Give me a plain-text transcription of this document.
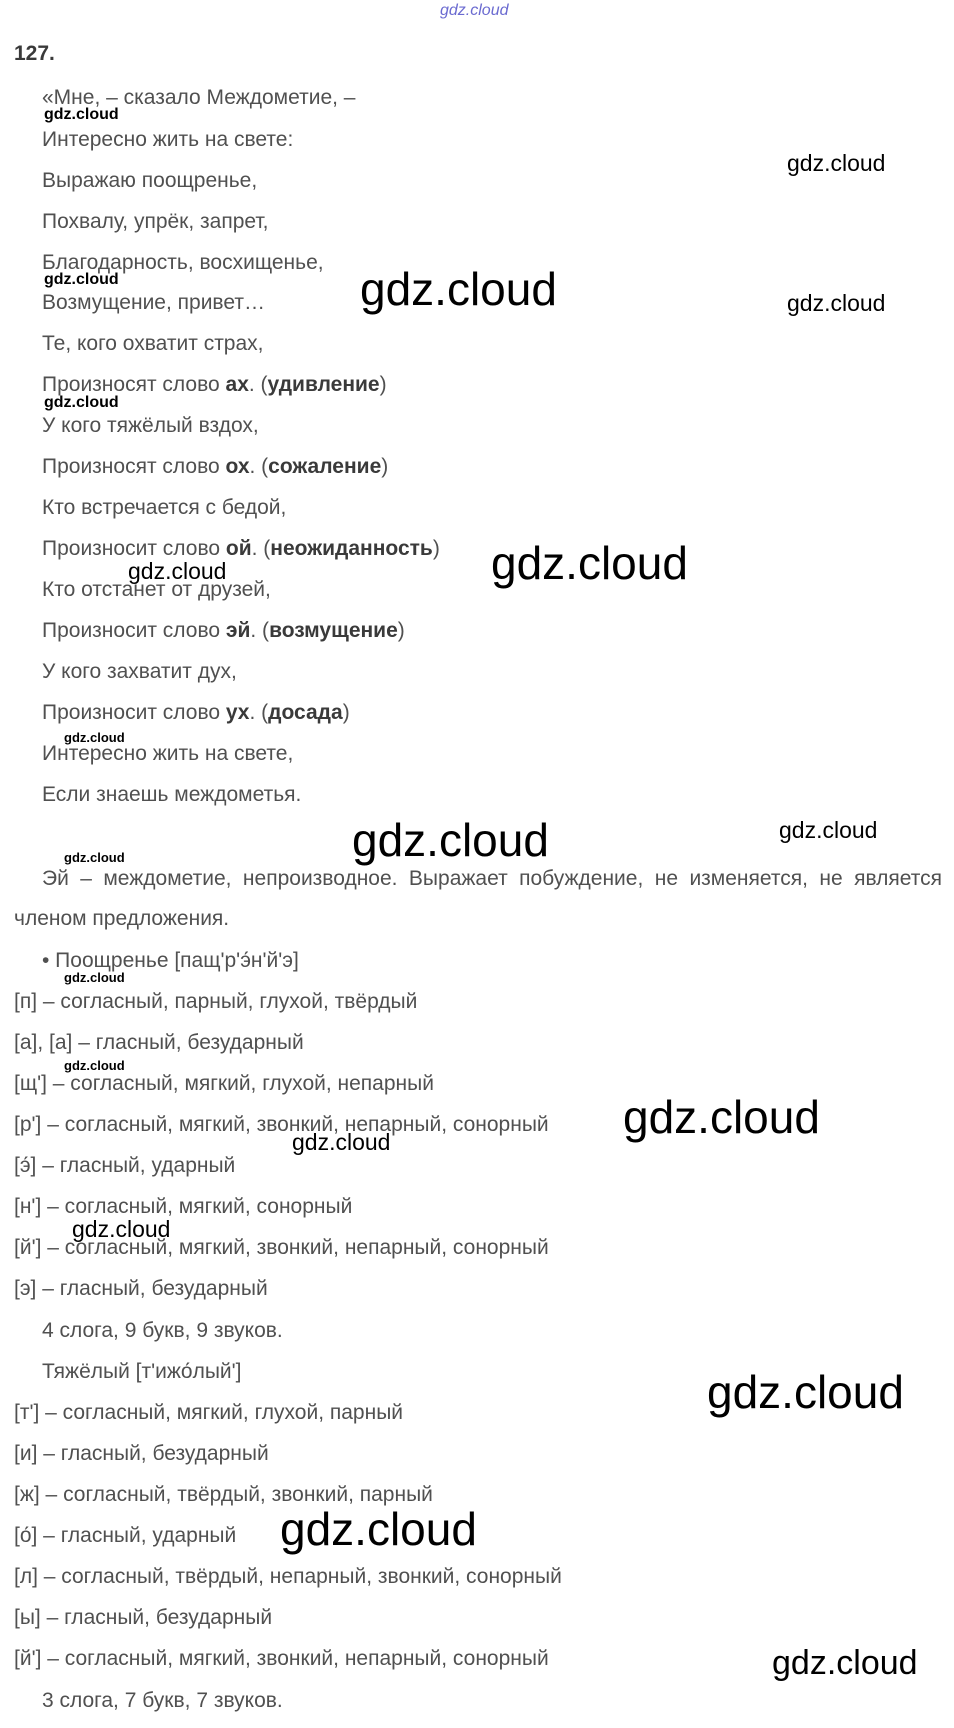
127.
«Мне, – сказало Междометие, –
Интересно жить на свете:
Выражаю поощренье,
Похвалу, упрёк, запрет,
Благодарность, восхищенье,
Возмущение, привет…
Те, кого охватит страх,
Произносят слово ах. (удивление)
У кого тяжёлый вздох,
Произносят слово ох. (сожаление)
Кто встречается с бедой,
Произносит слово ой. (неожиданность)
Кто отстанет от друзей,
Произносит слово эй. (возмущение)
У кого захватит дух,
Произносит слово ух. (досада)
Интересно жить на свете,
Если знаешь междометья.
Эй – междометие, непроизводное. Выражает побуждение, не изменяется, не является членом предложения.
• Поощренье [пaщ'р'э́н'й'э]
[п] – согласный, парный, глухой, твёрдый
[а], [а] – гласный, безударный
[щ'] – согласный, мягкий, глухой, непарный
[р'] – согласный, мягкий, звонкий, непарный, сонорный
[э́] – гласный, ударный
[н'] – согласный, мягкий, сонорный
[й'] – согласный, мягкий, звонкий, непарный, сонорный
[э] – гласный, безударный
4 слога, 9 букв, 9 звуков.
Тяжёлый [т'ижо́лый']
[т'] – согласный, мягкий, глухой, парный
[и] – гласный, безударный
[ж] – согласный, твёрдый, звонкий, парный
[о́] – гласный, ударный
[л] – согласный, твёрдый, непарный, звонкий, сонорный
[ы] – гласный, безударный
[й'] – согласный, мягкий, звонкий, непарный, сонорный
3 слога, 7 букв, 7 звуков.
gdz.cloud
gdz.cloud
gdz.cloud
gdz.cloud	gdz.cloud	gdz.cloud
gdz.cloud
gdz.cloud	gdz.cloud
gdz.cloud
gdz.cloud	gdz.cloud
gdz.cloud
gdz.cloud
gdz.cloud
gdz.cloud
gdz.cloud
gdz.cloud
gdz.cloud
gdz.cloud
gdz.cloud
